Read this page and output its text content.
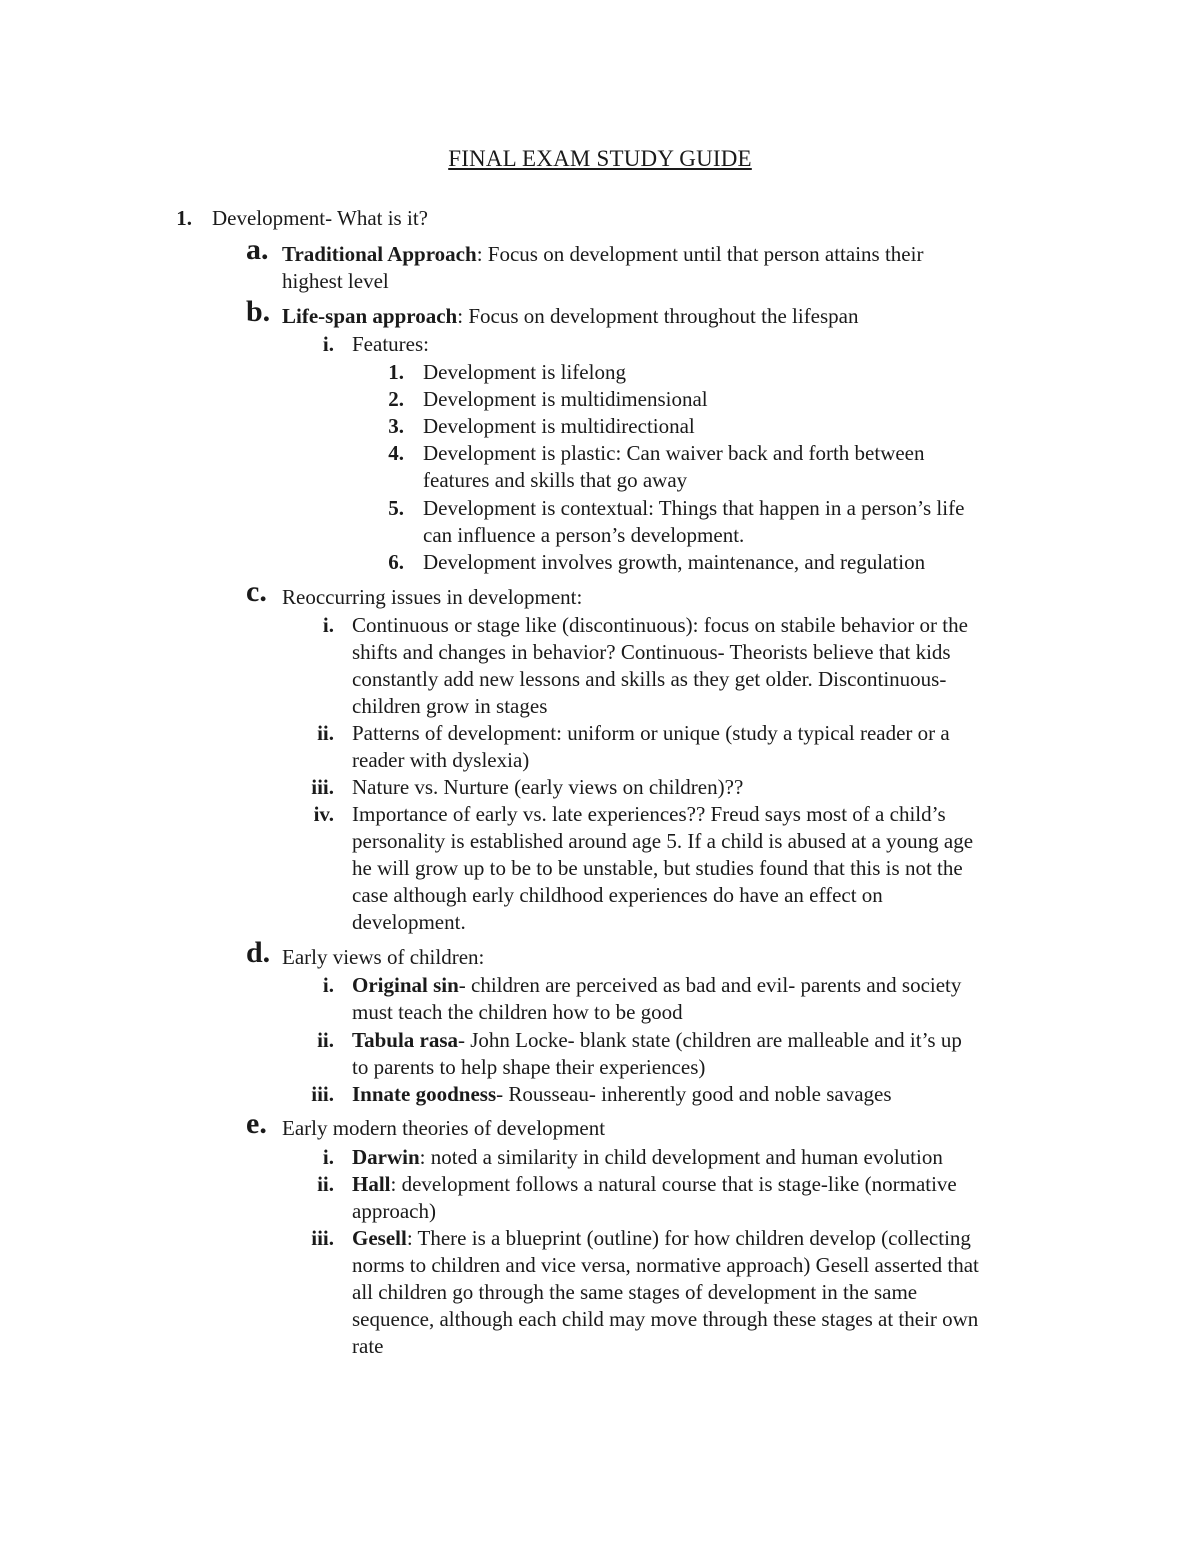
FINAL EXAM STUDY GUIDE
1. Development- What is it?
a. Traditional Approach: Focus on development until that person attains their
highest level
b. Life-span approach: Focus on development throughout the lifespan
i. Features:
1. Development is lifelong
2. Development is multidimensional
3. Development is multidirectional
4. Development is plastic: Can waiver back and forth between
features and skills that go away
5. Development is contextual: Things that happen in a person’s life
can influence a person’s development.
6. Development involves growth, maintenance, and regulation
c. Reoccurring issues in development:
i. Continuous or stage like (discontinuous): focus on stabile behavior or the
shifts and changes in behavior? Continuous- Theorists believe that kids
constantly add new lessons and skills as they get older. Discontinuous-
children grow in stages
ii. Patterns of development: uniform or unique (study a typical reader or a
reader with dyslexia)
iii. Nature vs. Nurture (early views on children)??
iv. Importance of early vs. late experiences?? Freud says most of a child’s
personality is established around age 5. If a child is abused at a young age
he will grow up to be to be unstable, but studies found that this is not the
case although early childhood experiences do have an effect on
development.
d. Early views of children:
i. Original sin- children are perceived as bad and evil- parents and society
must teach the children how to be good
ii. Tabula rasa- John Locke- blank state (children are malleable and it’s up
to parents to help shape their experiences)
iii. Innate goodness- Rousseau- inherently good and noble savages
e. Early modern theories of development
i. Darwin: noted a similarity in child development and human evolution
ii. Hall: development follows a natural course that is stage-like (normative
approach)
iii. Gesell: There is a blueprint (outline) for how children develop (collecting
norms to children and vice versa, normative approach) Gesell asserted that
all children go through the same stages of development in the same
sequence, although each child may move through these stages at their own
rate
